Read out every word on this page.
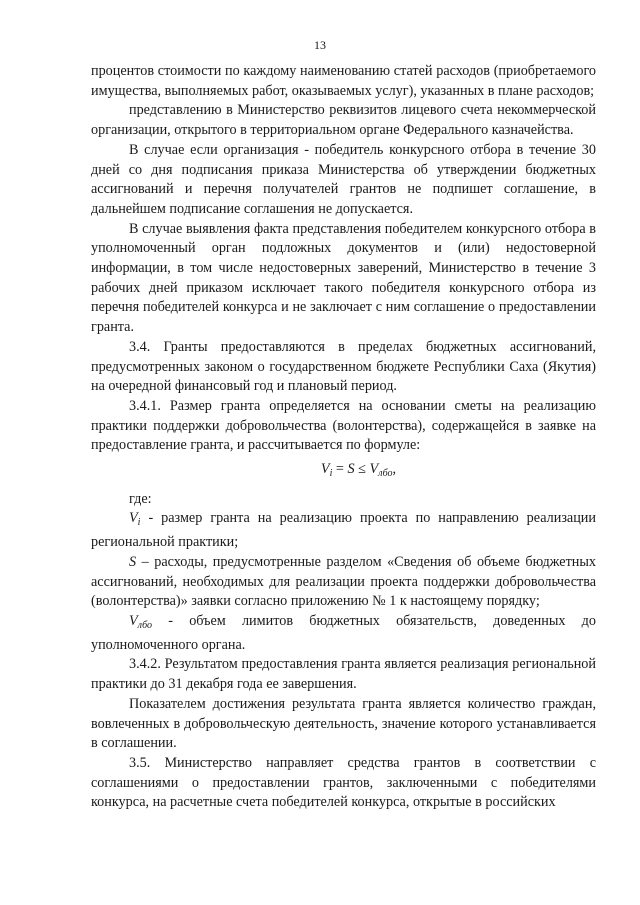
13

процентов стоимости по каждому наименованию статей расходов (приобретаемого имущества, выполняемых работ, оказываемых услуг), указанных в плане расходов;

представлению в Министерство реквизитов лицевого счета некоммерческой организации, открытого в территориальном органе Федерального казначейства.

В случае если организация - победитель конкурсного отбора в течение 30 дней со дня подписания приказа Министерства об утверждении бюджетных ассигнований и перечня получателей грантов не подпишет соглашение, в дальнейшем подписание соглашения не допускается.

В случае выявления факта представления победителем конкурсного отбора в уполномоченный орган подложных документов и (или) недостоверной информации, в том числе недостоверных заверений, Министерство в течение 3 рабочих дней приказом исключает такого победителя конкурсного отбора из перечня победителей конкурса и не заключает с ним соглашение о предоставлении гранта.

3.4. Гранты предоставляются в пределах бюджетных ассигнований, предусмотренных законом о государственном бюджете Республики Саха (Якутия) на очередной финансовый год и плановый период.

3.4.1. Размер гранта определяется на основании сметы на реализацию практики поддержки добровольчества (волонтерства), содержащейся в заявке на предоставление гранта, и рассчитывается по формуле:

$V_i = S \le V_{лбо}$,

где:

$V_i$ - размер гранта на реализацию проекта по направлению реализации региональной практики;

S – расходы, предусмотренные разделом «Сведения об объеме бюджетных ассигнований, необходимых для реализации проекта поддержки добровольчества (волонтерства)» заявки согласно приложению № 1 к настоящему порядку;

$V_{лбо}$ - объем лимитов бюджетных обязательств, доведенных до уполномоченного органа.

3.4.2. Результатом предоставления гранта является реализация региональной практики до 31 декабря года ее завершения.

Показателем достижения результата гранта является количество граждан, вовлеченных в добровольческую деятельность, значение которого устанавливается в соглашении.

3.5. Министерство направляет средства грантов в соответствии с соглашениями о предоставлении грантов, заключенными с победителями конкурса, на расчетные счета победителей конкурса, открытые в российских
